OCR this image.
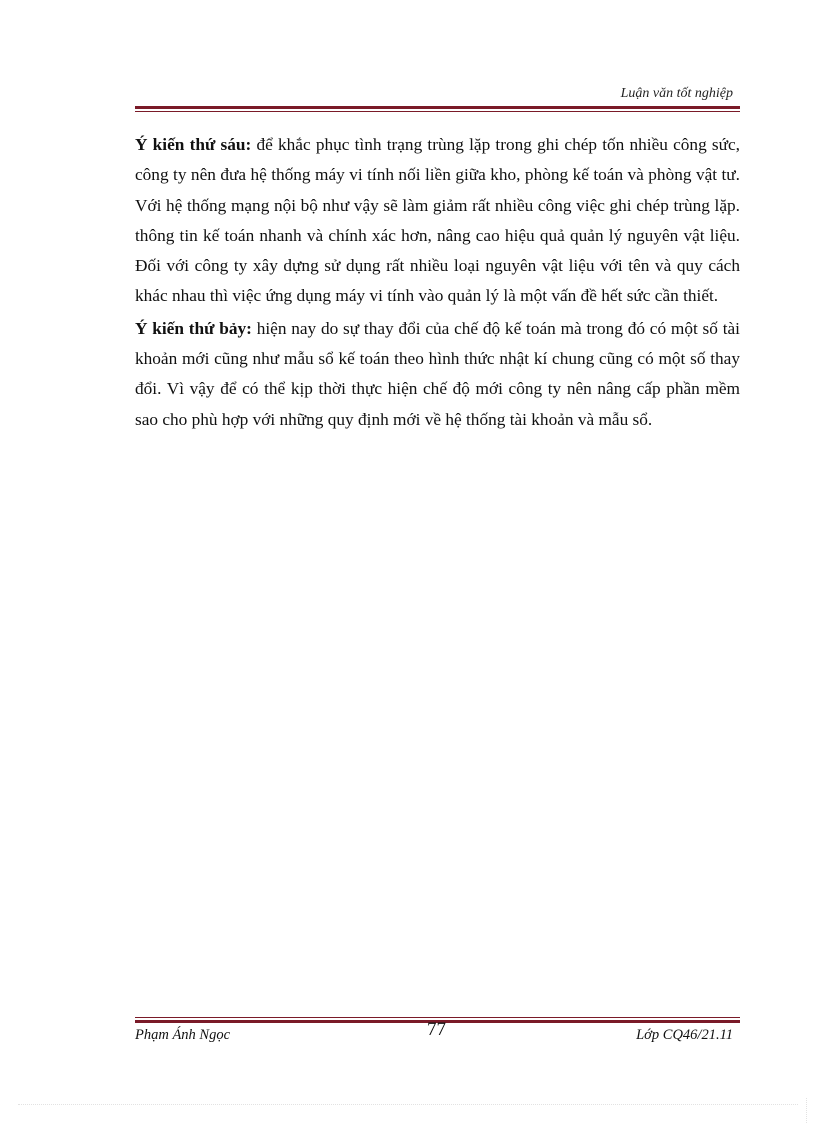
Luận văn tốt nghiệp

Ý kiến thứ sáu: để khắc phục tình trạng trùng lặp trong ghi chép tốn nhiều công sức, công ty nên đưa hệ thống máy vi tính nối liền giữa kho, phòng kế toán và phòng vật tư. Với hệ thống mạng nội bộ như vậy sẽ làm giảm rất nhiều công việc ghi chép trùng lặp. thông tin kế toán nhanh và chính xác hơn, nâng cao hiệu quả quản lý nguyên vật liệu. Đối với công ty xây dựng sử dụng rất nhiều loại nguyên vật liệu với tên và quy cách khác nhau thì việc ứng dụng máy vi tính vào quản lý là một vấn đề hết sức cần thiết.

Ý kiến thứ bảy: hiện nay do sự thay đổi của chế độ kế toán mà trong đó có một số tài khoản mới cũng như mẫu sổ kế toán theo hình thức nhật kí chung cũng có một số thay đổi. Vì vậy để có thể kịp thời thực hiện chế độ mới công ty nên nâng cấp phần mềm sao cho phù hợp với những quy định mới về hệ thống tài khoản và mẫu sổ.

Phạm Ánh Ngọc	77	Lớp CQ46/21.11
